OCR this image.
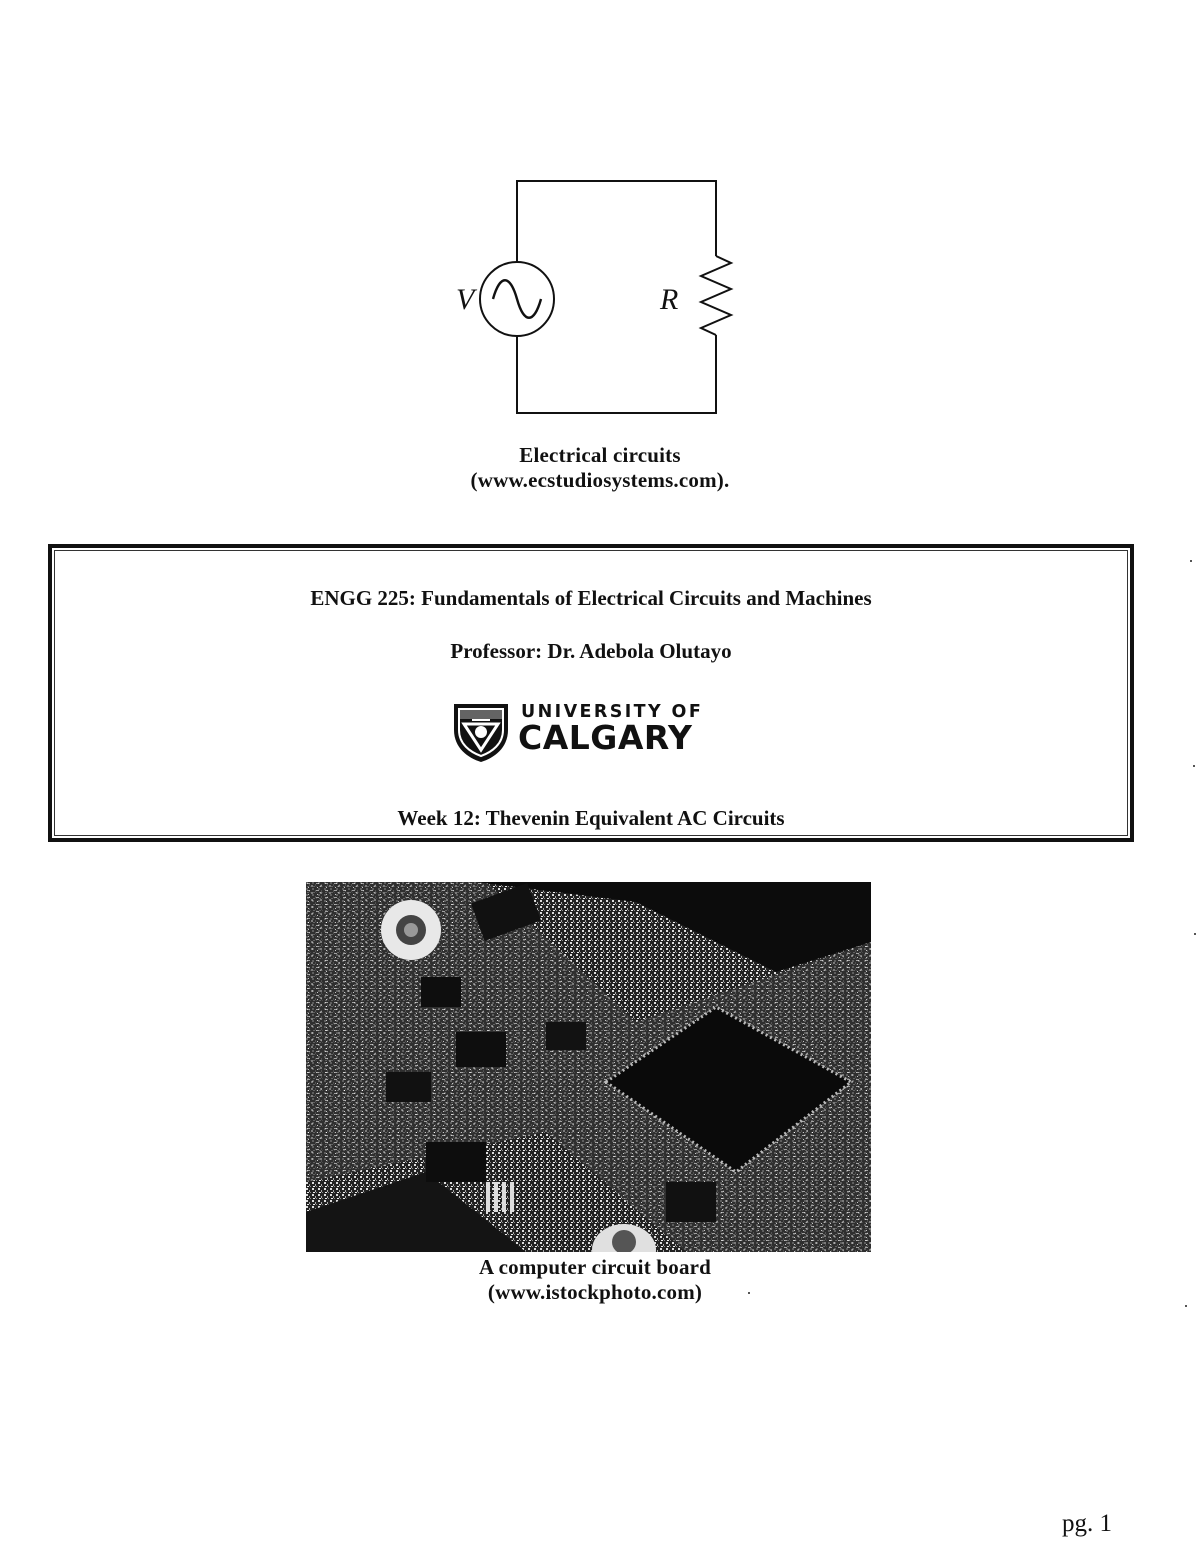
V	R
Electrical circuits
(www.ecstudiosystems.com).
ENGG 225: Fundamentals of Electrical Circuits and Machines
Professor: Dr. Adebola Olutayo
UNIVERSITY OF
CALGARY
Week 12: Thevenin Equivalent AC Circuits
A computer circuit board
(www.istockphoto.com)
pg. 1
